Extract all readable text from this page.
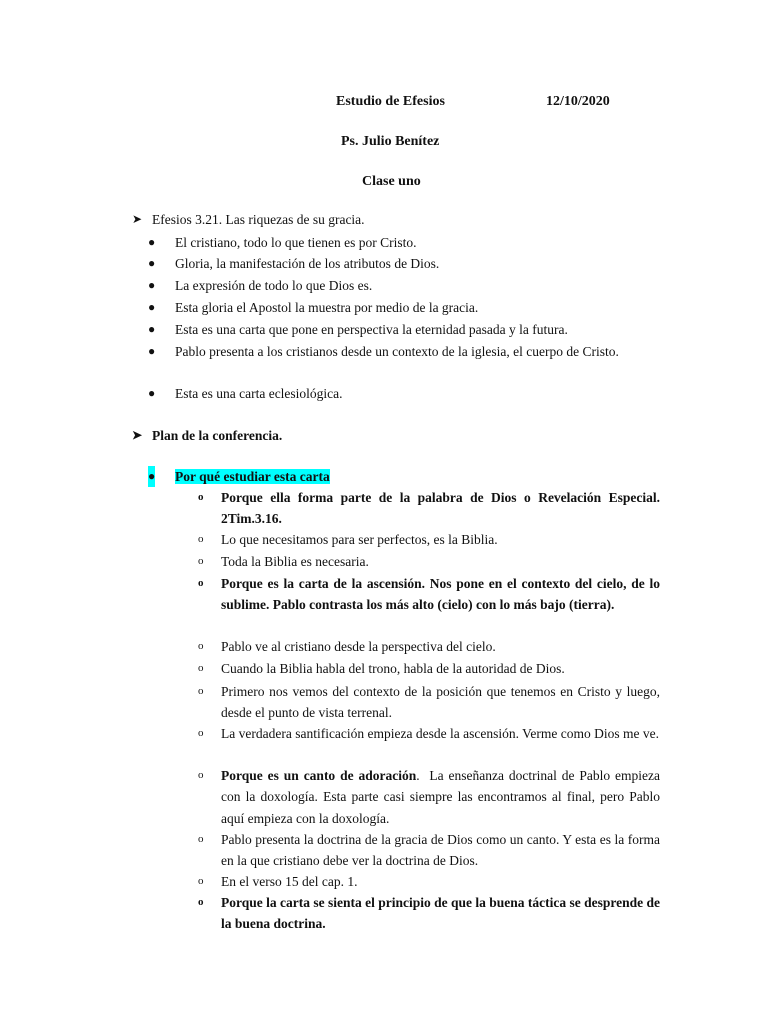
Estudio de Efesios	12/10/2020
Ps. Julio Benítez
Clase uno
➤ Efesios 3.21. Las riquezas de su gracia.
● El cristiano, todo lo que tienen es por Cristo.
● Gloria, la manifestación de los atributos de Dios.
● La expresión de todo lo que Dios es.
● Esta gloria el Apostol la muestra por medio de la gracia.
● Esta es una carta que pone en perspectiva la eternidad pasada y la futura.
● Pablo presenta a los cristianos desde un contexto de la iglesia, el cuerpo de Cristo.
● Esta es una carta eclesiológica.
➤ Plan de la conferencia.
● Por qué estudiar esta carta
o Porque ella forma parte de la palabra de Dios o Revelación Especial. 2Tim.3.16.
o Lo que necesitamos para ser perfectos, es la Biblia.
o Toda la Biblia es necesaria.
o Porque es la carta de la ascensión. Nos pone en el contexto del cielo, de lo sublime. Pablo contrasta los más alto (cielo) con lo más bajo (tierra).
o Pablo ve al cristiano desde la perspectiva del cielo.
o Cuando la Biblia habla del trono, habla de la autoridad de Dios.
o Primero nos vemos del contexto de la posición que tenemos en Cristo y luego, desde el punto de vista terrenal.
o La verdadera santificación empieza desde la ascensión. Verme como Dios me ve.
o Porque es un canto de adoración.  La enseñanza doctrinal de Pablo empieza con la doxología. Esta parte casi siempre las encontramos al final, pero Pablo aquí empieza con la doxología.
o Pablo presenta la doctrina de la gracia de Dios como un canto. Y esta es la forma en la que cristiano debe ver la doctrina de Dios.
o En el verso 15 del cap. 1.
o Porque la carta se sienta el principio de que la buena táctica se desprende de la buena doctrina.
